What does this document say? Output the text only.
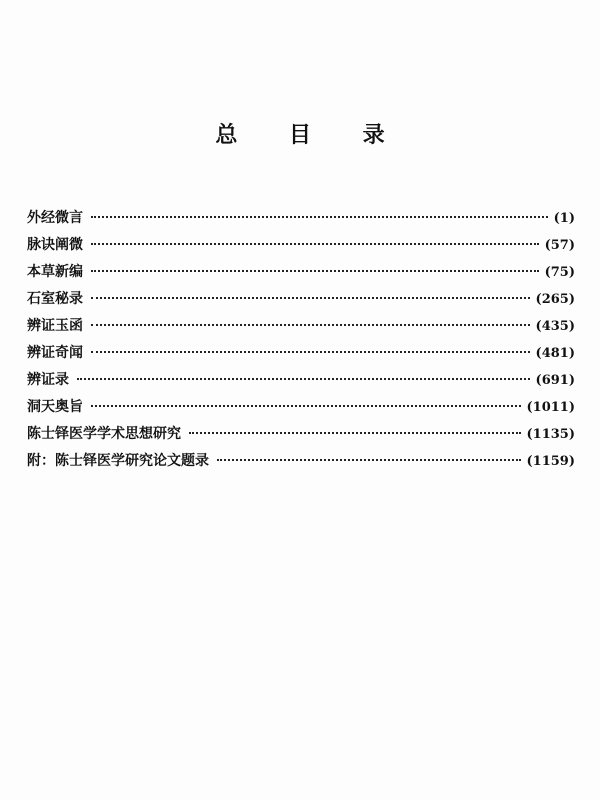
总 目 录
外经微言	(1)
脉诀阐微	(57)
本草新编	(75)
石室秘录	(265)
辨证玉函	(435)
辨证奇闻	(481)
辨证录	(691)
洞天奥旨	(1011)
陈士铎医学学术思想研究	(1135)
附：陈士铎医学研究论文题录	(1159)
